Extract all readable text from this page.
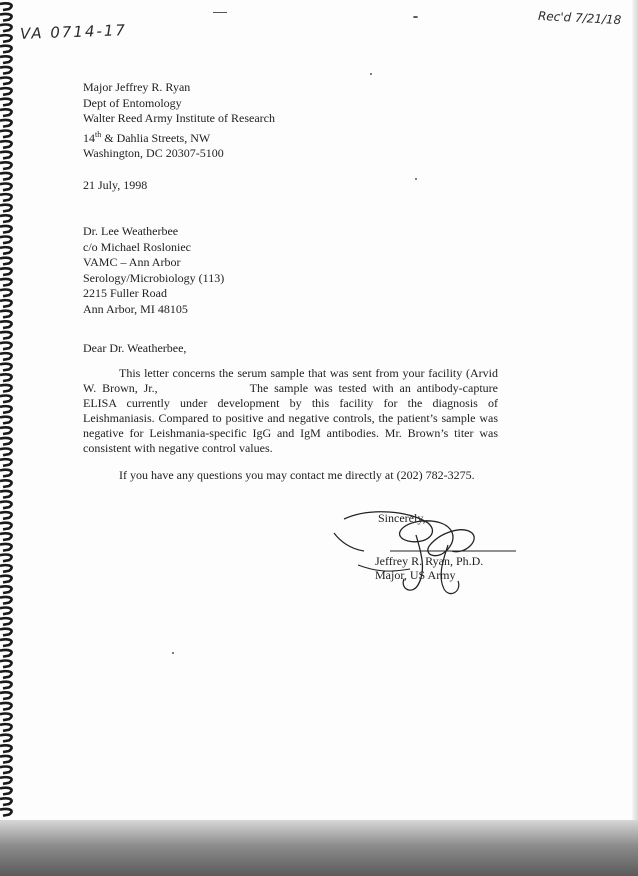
VA 0714-17
Rec'd 7/21/18
Major Jeffrey R. Ryan
Dept of Entomology
Walter Reed Army Institute of Research
14th & Dahlia Streets, NW
Washington, DC 20307-5100
21 July, 1998
Dr. Lee Weatherbee
c/o Michael Rosloniec
VAMC – Ann Arbor
Serology/Microbiology (113)
2215 Fuller Road
Ann Arbor, MI 48105
Dear Dr. Weatherbee,
This letter concerns the serum sample that was sent from your facility (Arvid W. Brown, Jr.,	The sample was tested with an antibody-capture ELISA currently under development by this facility for the diagnosis of Leishmaniasis. Compared to positive and negative controls, the patient’s sample was negative for Leishmania-specific IgG and IgM antibodies. Mr. Brown’s titer was consistent with negative control values.
If you have any questions you may contact me directly at (202) 782-3275.
Sincerely,
Jeffrey R. Ryan, Ph.D.
Major, US Army
